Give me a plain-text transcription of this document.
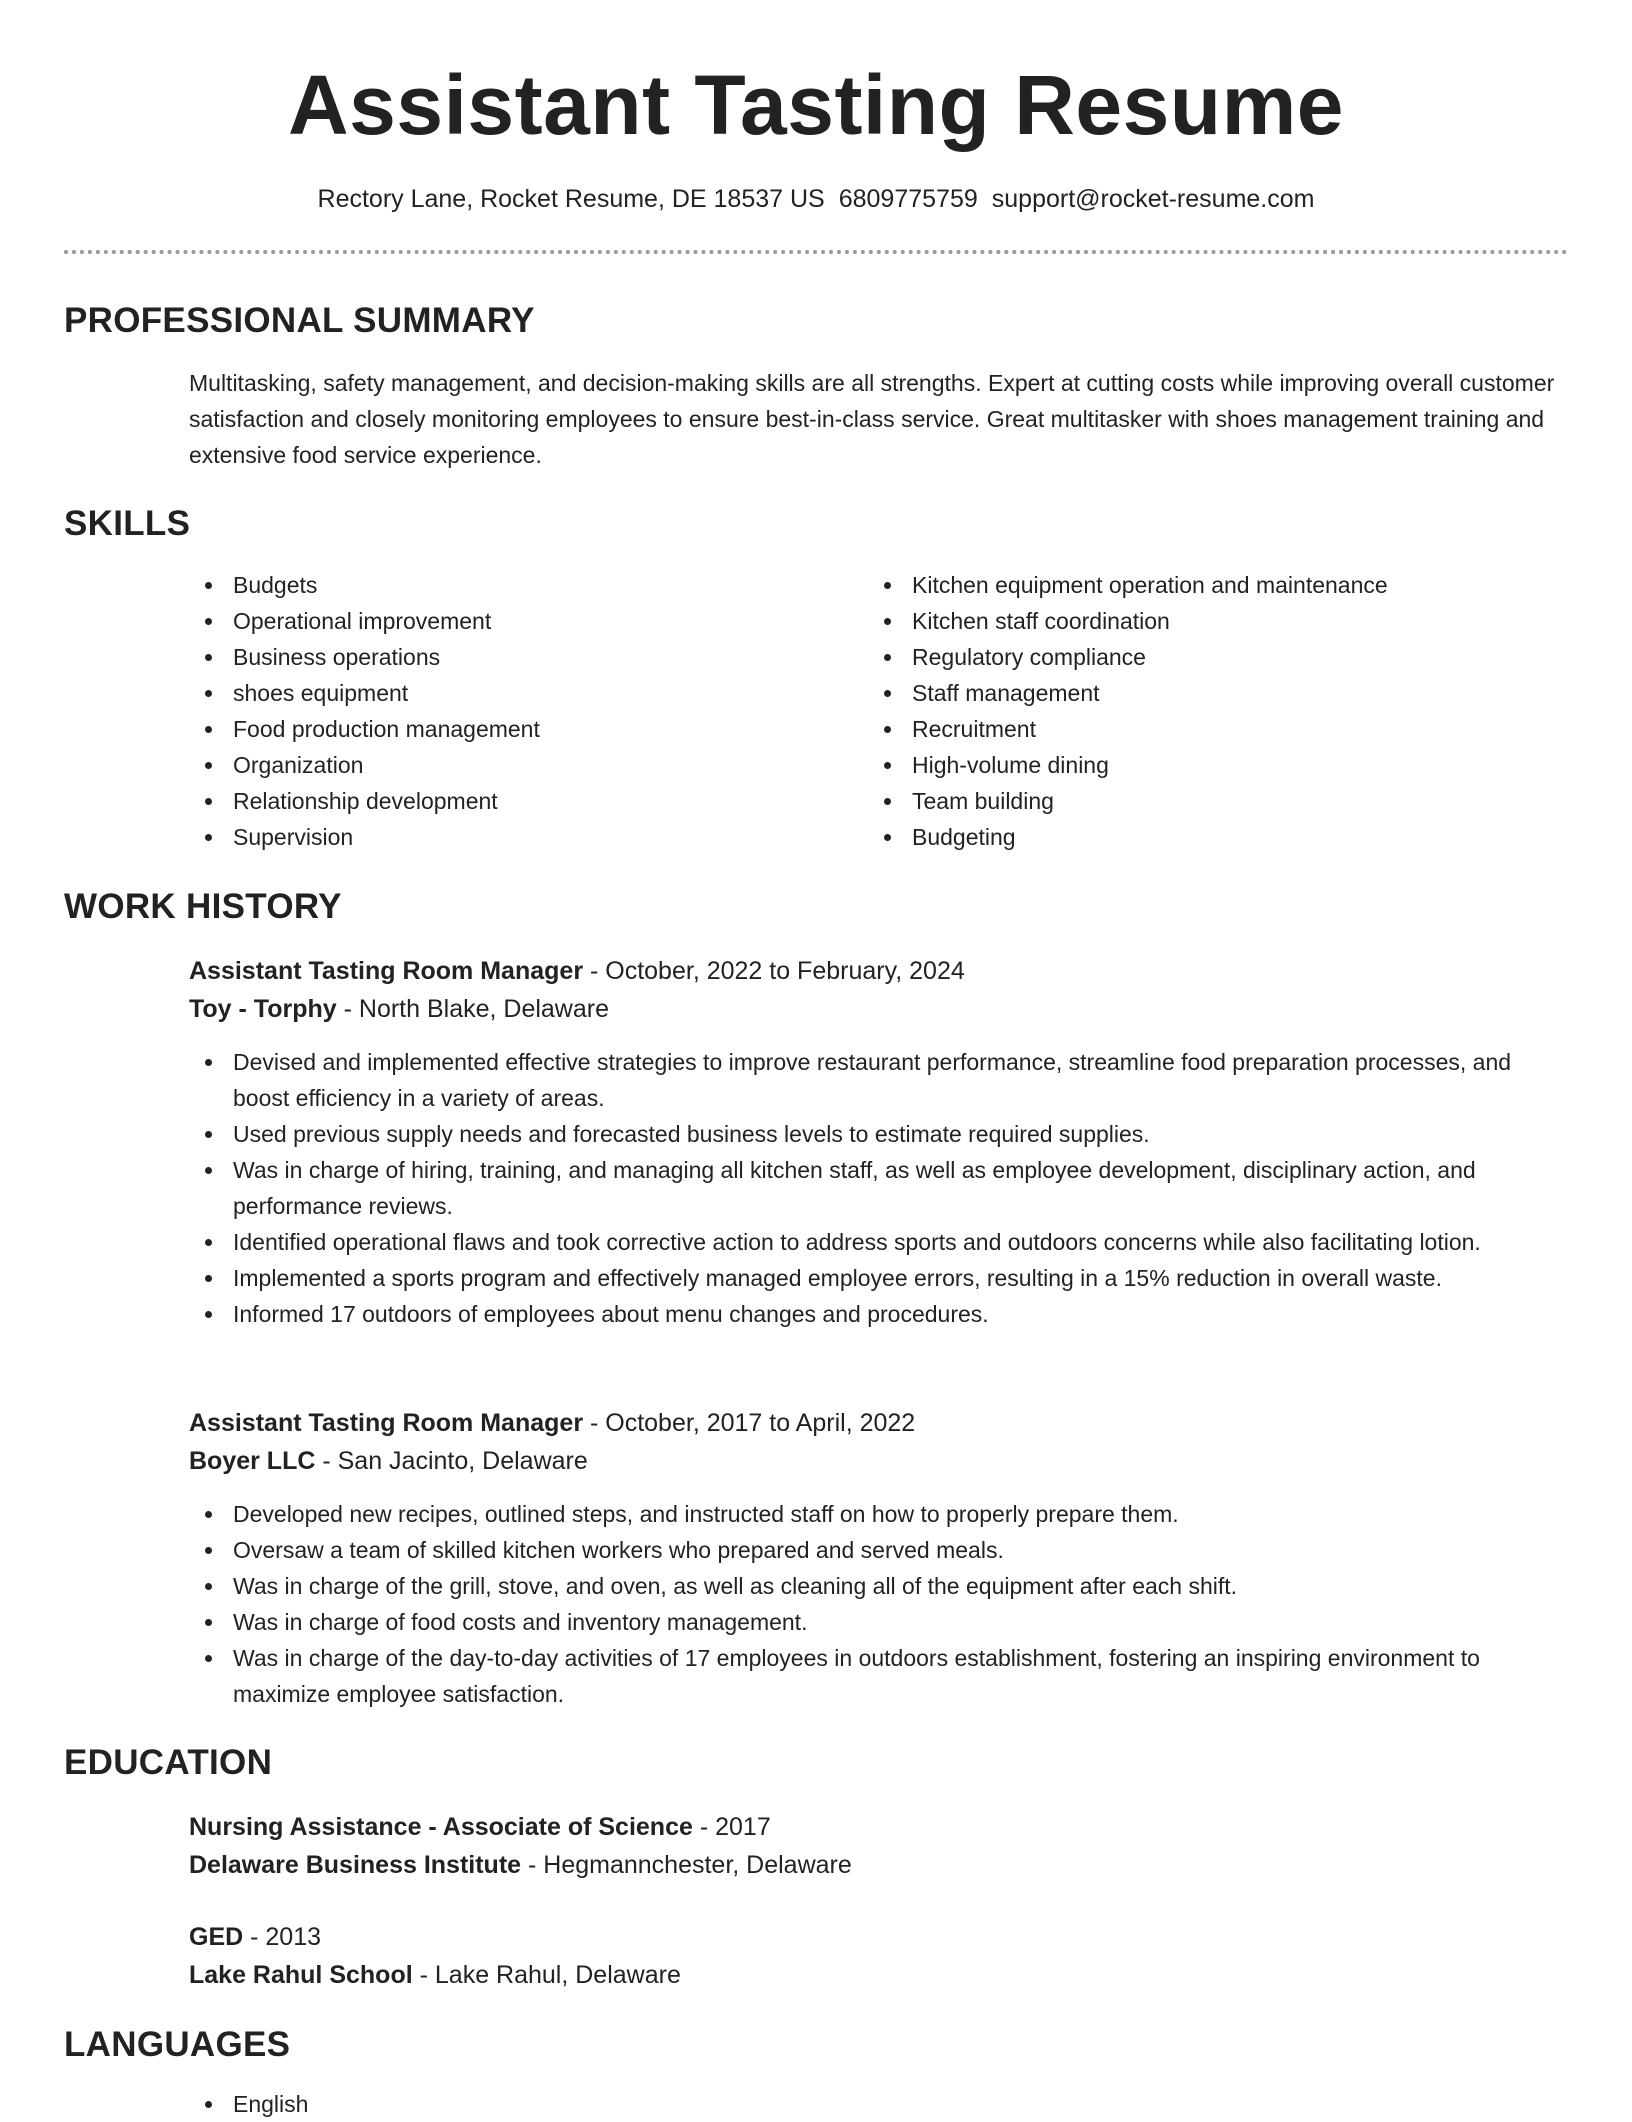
Assistant Tasting Resume
Rectory Lane, Rocket Resume, DE 18537 US 6809775759 support@rocket-resume.com
PROFESSIONAL SUMMARY

Multitasking, safety management, and decision-making skills are all strengths. Expert at cutting costs while improving overall customer satisfaction and closely monitoring employees to ensure best-in-class service. Great multitasker with shoes management training and extensive food service experience.

SKILLS
Budgets
Operational improvement
Business operations
shoes equipment
Food production management
Organization
Relationship development
Supervision
Kitchen equipment operation and maintenance
Kitchen staff coordination
Regulatory compliance
Staff management
Recruitment
High-volume dining
Team building
Budgeting
WORK HISTORY
Assistant Tasting Room Manager - October, 2022 to February, 2024
Toy - Torphy - North Blake, Delaware
Devised and implemented effective strategies to improve restaurant performance, streamline food preparation processes, and boost efficiency in a variety of areas.
Used previous supply needs and forecasted business levels to estimate required supplies.
Was in charge of hiring, training, and managing all kitchen staff, as well as employee development, disciplinary action, and performance reviews.
Identified operational flaws and took corrective action to address sports and outdoors concerns while also facilitating lotion.
Implemented a sports program and effectively managed employee errors, resulting in a 15% reduction in overall waste.
Informed 17 outdoors of employees about menu changes and procedures.
Assistant Tasting Room Manager - October, 2017 to April, 2022
Boyer LLC - San Jacinto, Delaware
Developed new recipes, outlined steps, and instructed staff on how to properly prepare them.
Oversaw a team of skilled kitchen workers who prepared and served meals.
Was in charge of the grill, stove, and oven, as well as cleaning all of the equipment after each shift.
Was in charge of food costs and inventory management.
Was in charge of the day-to-day activities of 17 employees in outdoors establishment, fostering an inspiring environment to maximize employee satisfaction.
EDUCATION
Nursing Assistance - Associate of Science - 2017
Delaware Business Institute - Hegmannchester, Delaware
GED - 2013
Lake Rahul School - Lake Rahul, Delaware
LANGUAGES
English
